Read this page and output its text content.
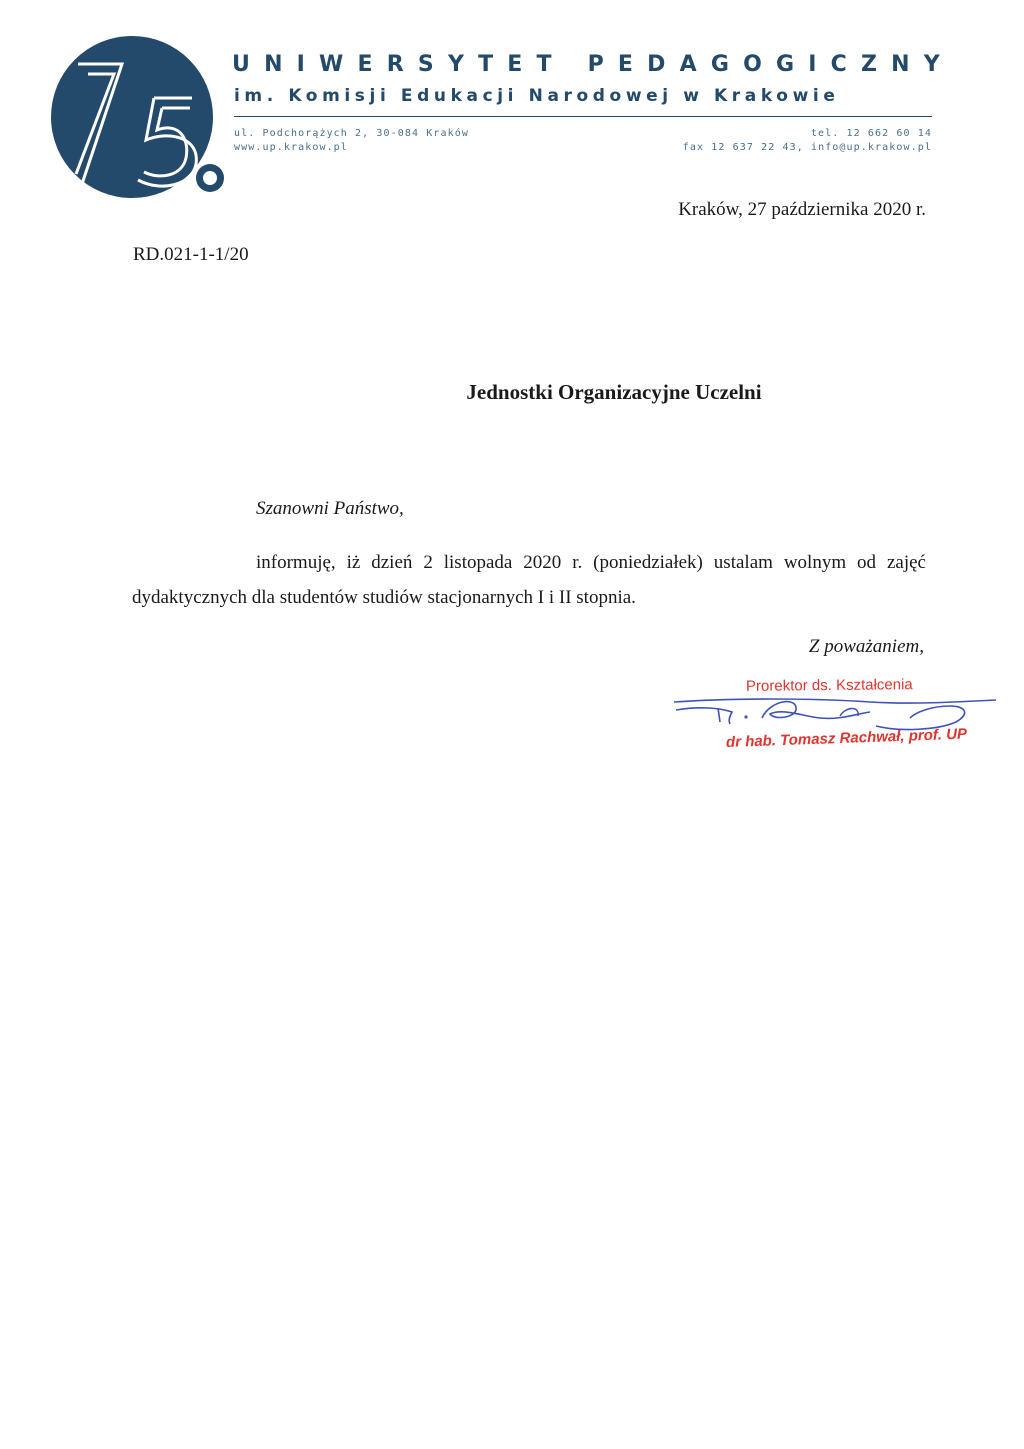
UNIWERSYTET PEDAGOGICZNY
im. Komisji Edukacji Narodowej w Krakowie
ul. Podchorążych 2, 30-084 Kraków
www.up.krakow.pl
tel. 12 662 60 14
fax 12 637 22 43, info@up.krakow.pl
Kraków, 27 października 2020 r.
RD.021-1-1/20
Jednostki Organizacyjne Uczelni
Szanowni Państwo,
informuję, iż dzień 2 listopada 2020 r. (poniedziałek) ustalam wolnym od zajęć dydaktycznych dla studentów studiów stacjonarnych I i II stopnia.
Z poważaniem,
Prorektor ds. Kształcenia
dr hab. Tomasz Rachwał, prof. UP
